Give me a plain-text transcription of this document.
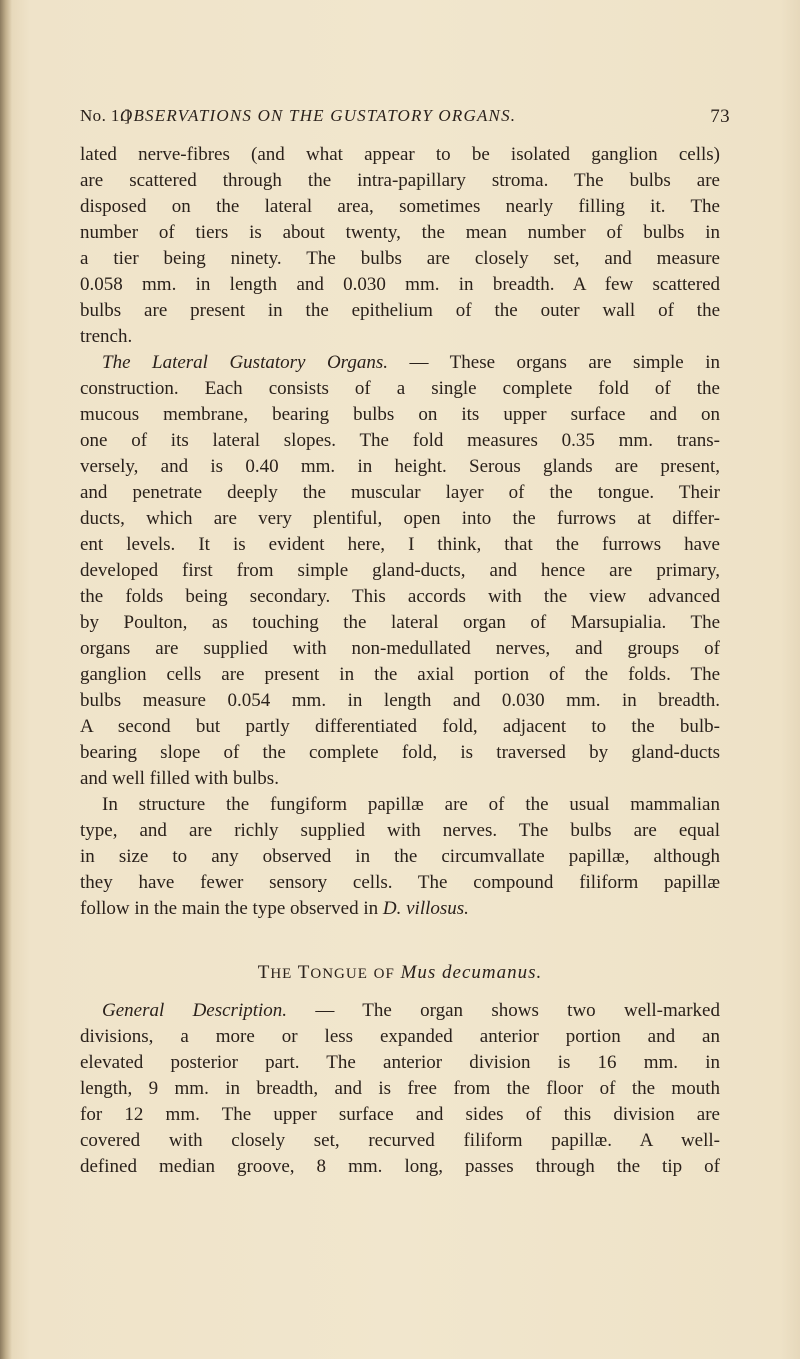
No. 1.]
OBSERVATIONS ON THE GUSTATORY ORGANS.	73
lated nerve-fibres (and what appear to be isolated ganglion cells)
are scattered through the intra-papillary stroma. The bulbs are
disposed on the lateral area, sometimes nearly filling it. The
number of tiers is about twenty, the mean number of bulbs in
a tier being ninety. The bulbs are closely set, and measure
0.058 mm. in length and 0.030 mm. in breadth. A few scattered
bulbs are present in the epithelium of the outer wall of the
trench.
The Lateral Gustatory Organs. — These organs are simple in
construction. Each consists of a single complete fold of the
mucous membrane, bearing bulbs on its upper surface and on
one of its lateral slopes. The fold measures 0.35 mm. trans-
versely, and is 0.40 mm. in height. Serous glands are present,
and penetrate deeply the muscular layer of the tongue. Their
ducts, which are very plentiful, open into the furrows at differ-
ent levels. It is evident here, I think, that the furrows have
developed first from simple gland-ducts, and hence are primary,
the folds being secondary. This accords with the view advanced
by Poulton, as touching the lateral organ of Marsupialia. The
organs are supplied with non-medullated nerves, and groups of
ganglion cells are present in the axial portion of the folds. The
bulbs measure 0.054 mm. in length and 0.030 mm. in breadth.
A second but partly differentiated fold, adjacent to the bulb-
bearing slope of the complete fold, is traversed by gland-ducts
and well filled with bulbs.
In structure the fungiform papillæ are of the usual mammalian
type, and are richly supplied with nerves. The bulbs are equal
in size to any observed in the circumvallate papillæ, although
they have fewer sensory cells. The compound filiform papillæ
follow in the main the type observed in D. villosus.
THE TONGUE OF Mus decumanus.
General Description. — The organ shows two well-marked
divisions, a more or less expanded anterior portion and an
elevated posterior part. The anterior division is 16 mm. in
length, 9 mm. in breadth, and is free from the floor of the mouth
for 12 mm. The upper surface and sides of this division are
covered with closely set, recurved filiform papillæ. A well-
defined median groove, 8 mm. long, passes through the tip of
